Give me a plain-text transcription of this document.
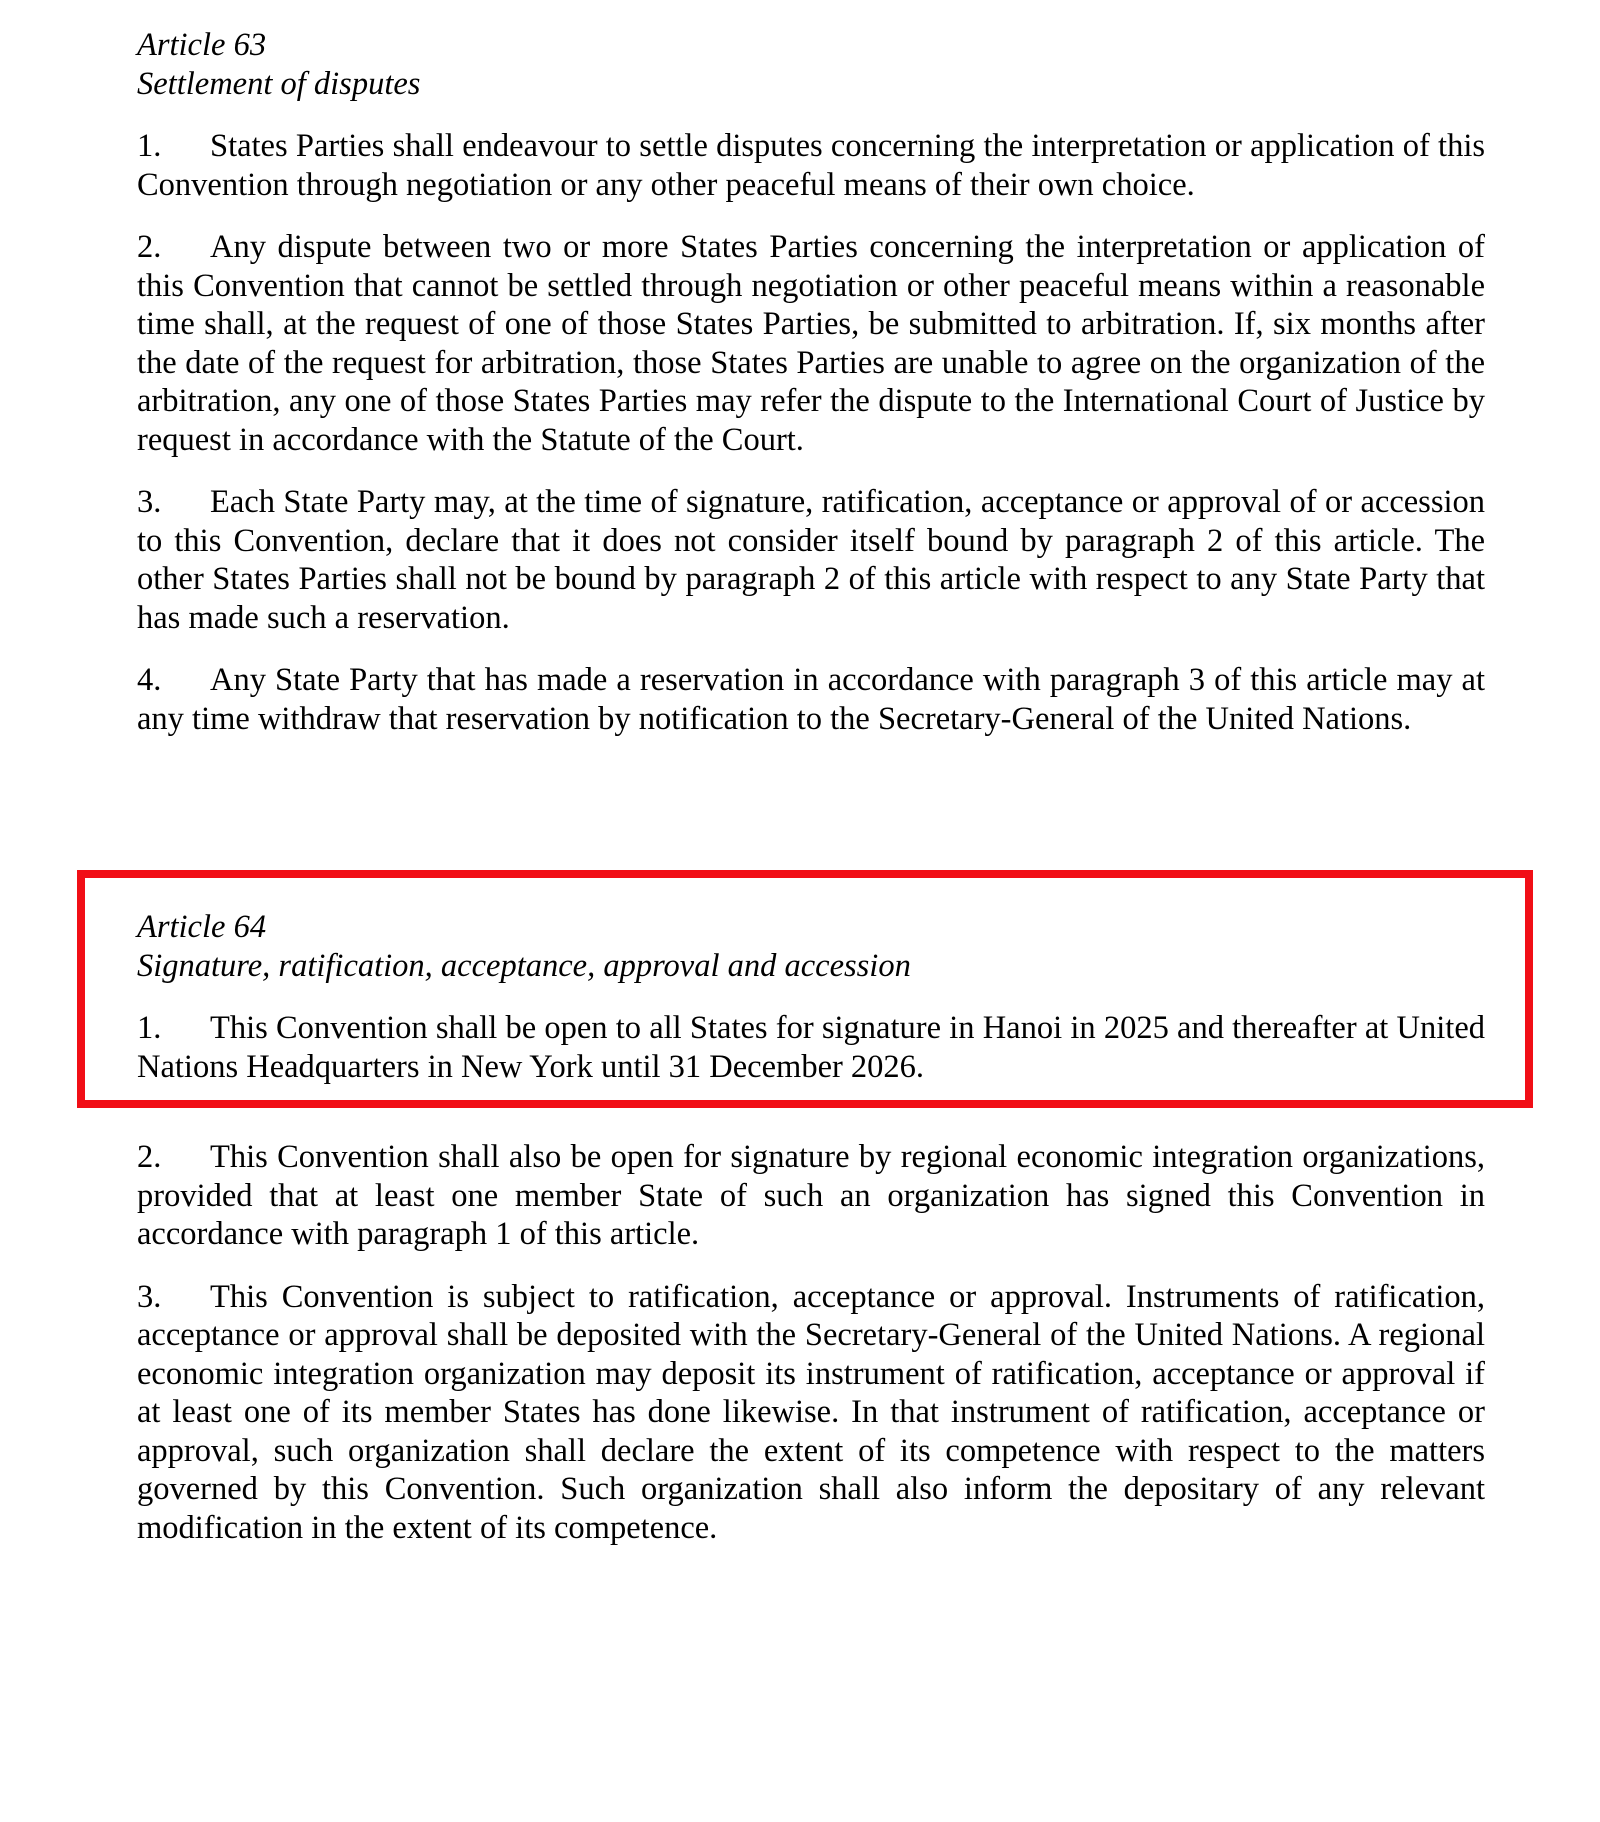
Article 63
Settlement of disputes

1. States Parties shall endeavour to settle disputes concerning the interpretation or application of this Convention through negotiation or any other peaceful means of their own choice.

2. Any dispute between two or more States Parties concerning the interpretation or application of this Convention that cannot be settled through negotiation or other peaceful means within a reasonable time shall, at the request of one of those States Parties, be submitted to arbitration. If, six months after the date of the request for arbitration, those States Parties are unable to agree on the organization of the arbitration, any one of those States Parties may refer the dispute to the International Court of Justice by request in accordance with the Statute of the Court.

3. Each State Party may, at the time of signature, ratification, acceptance or approval of or accession to this Convention, declare that it does not consider itself bound by paragraph 2 of this article. The other States Parties shall not be bound by paragraph 2 of this article with respect to any State Party that has made such a reservation.

4. Any State Party that has made a reservation in accordance with paragraph 3 of this article may at any time withdraw that reservation by notification to the Secretary-General of the United Nations.

Article 64
Signature, ratification, acceptance, approval and accession

1. This Convention shall be open to all States for signature in Hanoi in 2025 and thereafter at United Nations Headquarters in New York until 31 December 2026.

2. This Convention shall also be open for signature by regional economic integration organizations, provided that at least one member State of such an organization has signed this Convention in accordance with paragraph 1 of this article.

3. This Convention is subject to ratification, acceptance or approval. Instruments of ratification, acceptance or approval shall be deposited with the Secretary-General of the United Nations. A regional economic integration organization may deposit its instrument of ratification, acceptance or approval if at least one of its member States has done likewise. In that instrument of ratification, acceptance or approval, such organization shall declare the extent of its competence with respect to the matters governed by this Convention. Such organization shall also inform the depositary of any relevant modification in the extent of its competence.
